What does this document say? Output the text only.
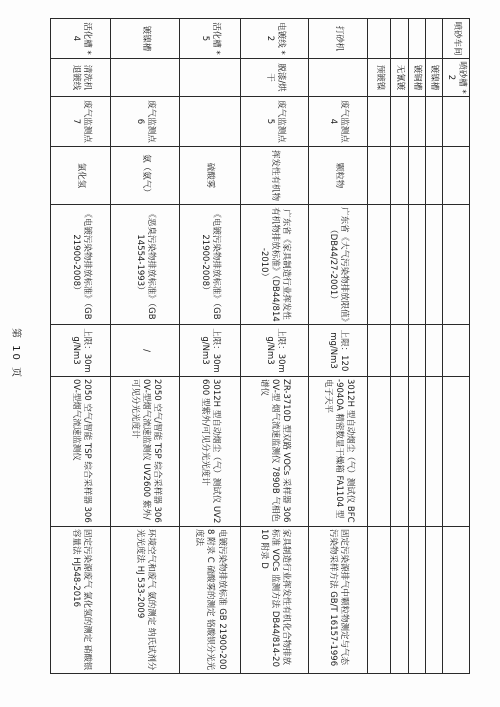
喷砂车间	喷砂槽 *2						
	镀镍槽						
	镀铜槽						
	无氰镀						
	预镀镍						
打砂机		废气监测点 4	颗粒物	广东省《大气污染物排放限值》（DB44/27-2001）	上限：120mg/Nm3	3012H 型自动烟尘（气）测试仪 BFC-904OA 精密数显干燥箱 FA1104 型 电子天平	固定污染源排气中颗粒物测定与气态污染物采样方法 GB/T 16157-1996
电镀线 *2	脱漆/烘干	废气监测点 5	挥发性有机物	广东省《家具制造行业挥发性有机物排放标准》（DB44/814-2010）	上限：30mg/Nm3	ZR-3710D 型双路 VOCs 采样器 3060V-型 烟气流速监测仪 7890B 气相色谱仪	家具制造行业挥发性有机化合物排放标准 VOCs 监测方法 DB44/814-2010 附录 D
活化槽 *5			硫酸雾	《电镀污染物排放标准》（GB 21900-2008）	上限：30mg/Nm3	3012H 型自动烟尘（气）测试仪 UV2600 型紫外/可见分光光度计	电镀污染物排放标准 GB 21900-2008 附录 C 硫酸雾的测定 铬酸钡分光光度法
镀镍槽		废气监测点 6	氨（氨气）	《恶臭污染物排放标准》（GB14554-1993）	/	2050 空气/智能 TSP 综合采样器 3060V-型烟气流速监测仪 UV2600 紫外/可见分光光度计	环境空气和废气 氨的测定 纳氏试剂分光光度法 HJ 533-2009
活化槽 *4	清洗机 退镀线	废气监测点 7	氯化氢	《电镀污染物排放标准》（GB 21900-2008）	上限：30mg/Nm3	2050 空气/智能 TSP 综合采样器 3060V-型烟气流速监测仪	固定污染源废气 氯化氢的测定 硝酸银容量法 HJ548-2016
第 10 页
